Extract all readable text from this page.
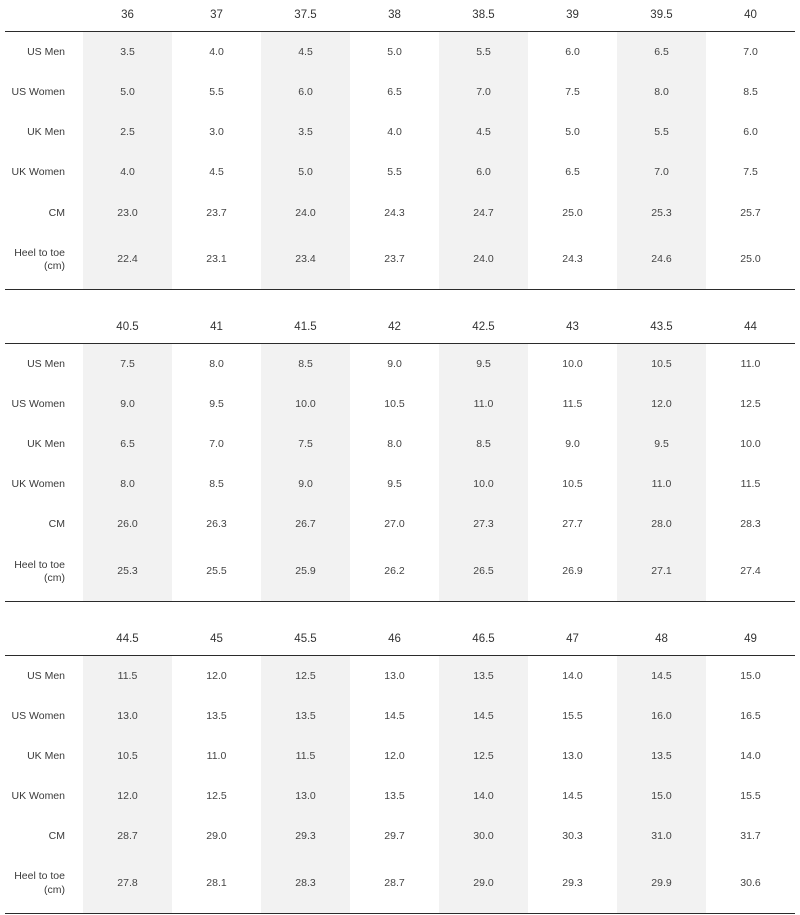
	36	37	37.5	38	38.5	39	39.5	40
US Men	3.5	4.0	4.5	5.0	5.5	6.0	6.5	7.0
US Women	5.0	5.5	6.0	6.5	7.0	7.5	8.0	8.5
UK Men	2.5	3.0	3.5	4.0	4.5	5.0	5.5	6.0
UK Women	4.0	4.5	5.0	5.5	6.0	6.5	7.0	7.5
CM	23.0	23.7	24.0	24.3	24.7	25.0	25.3	25.7
Heel to toe
(cm)	22.4	23.1	23.4	23.7	24.0	24.3	24.6	25.0
	40.5	41	41.5	42	42.5	43	43.5	44
US Men	7.5	8.0	8.5	9.0	9.5	10.0	10.5	11.0
US Women	9.0	9.5	10.0	10.5	11.0	11.5	12.0	12.5
UK Men	6.5	7.0	7.5	8.0	8.5	9.0	9.5	10.0
UK Women	8.0	8.5	9.0	9.5	10.0	10.5	11.0	11.5
CM	26.0	26.3	26.7	27.0	27.3	27.7	28.0	28.3
Heel to toe
(cm)	25.3	25.5	25.9	26.2	26.5	26.9	27.1	27.4
	44.5	45	45.5	46	46.5	47	48	49
US Men	11.5	12.0	12.5	13.0	13.5	14.0	14.5	15.0
US Women	13.0	13.5	13.5	14.5	14.5	15.5	16.0	16.5
UK Men	10.5	11.0	11.5	12.0	12.5	13.0	13.5	14.0
UK Women	12.0	12.5	13.0	13.5	14.0	14.5	15.0	15.5
CM	28.7	29.0	29.3	29.7	30.0	30.3	31.0	31.7
Heel to toe
(cm)	27.8	28.1	28.3	28.7	29.0	29.3	29.9	30.6
